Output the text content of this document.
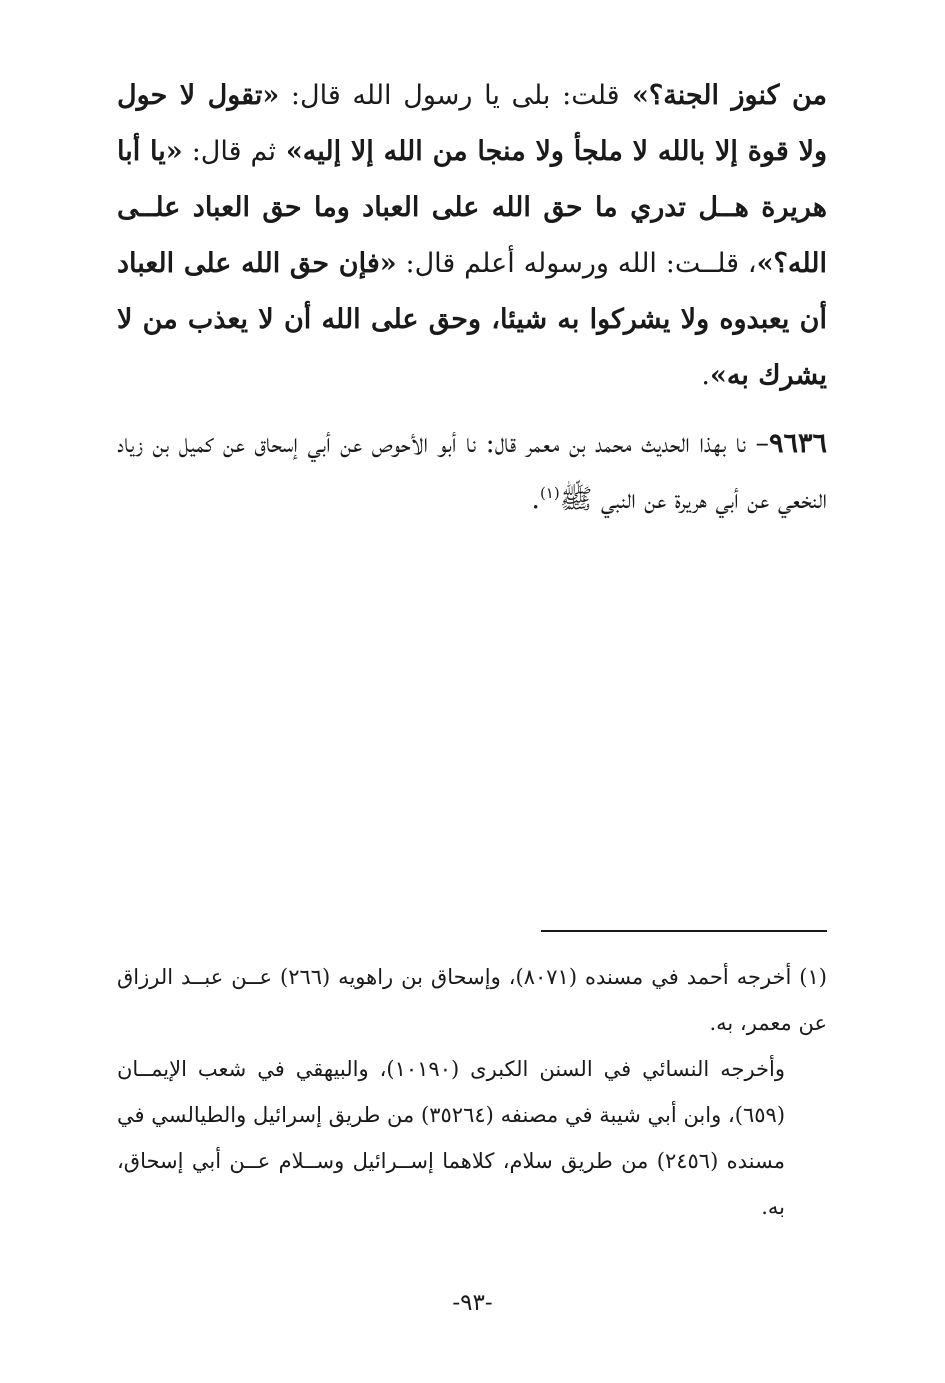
من كنوز الجنة؟» قلت: بلى يا رسول الله قال: «تقول لا حول ولا قوة إلا بالله لا ملجأ ولا منجا من الله إلا إليه» ثم قال: «يا أبا هريرة هــل تدري ما حق الله على العباد وما حق العباد علــى الله؟»، قلــت: الله ورسوله أعلم قال: «فإن حق الله على العباد أن يعبدوه ولا يشركوا به شيئا، وحق على الله أن لا يعذب من لا يشرك به».

٩٦٣٦– نا بهذا الحديث محمد بن معمر قال: نا أبو الأحوص عن أبي إسحاق عن كميل بن زياد النخعي عن أبي هريرة عن النبي ﷺ$^{(١)}$.

(١) أخرجه أحمد في مسنده (٨٠٧١)، وإسحاق بن راهويه (٢٦٦) عــن عبــد الرزاق عن معمر، به.

وأخرجه النسائي في السنن الكبرى (١٠١٩٠)، والبيهقي في شعب الإيمــان (٦٥٩)، وابن أبي شيبة في مصنفه (٣٥٢٦٤) من طريق إسرائيل والطيالسي في مسنده (٢٤٥٦) من طريق سلام، كلاهما إســرائيل وســلام عــن أبي إسحاق، به.

-٩٣-
